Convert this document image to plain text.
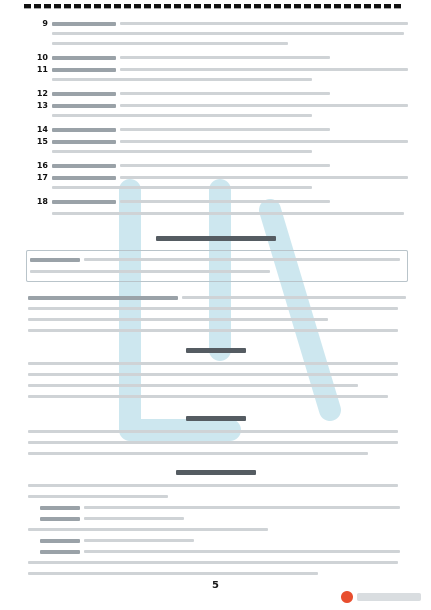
9
10
11
12
13
14
15
16
17
18
5
